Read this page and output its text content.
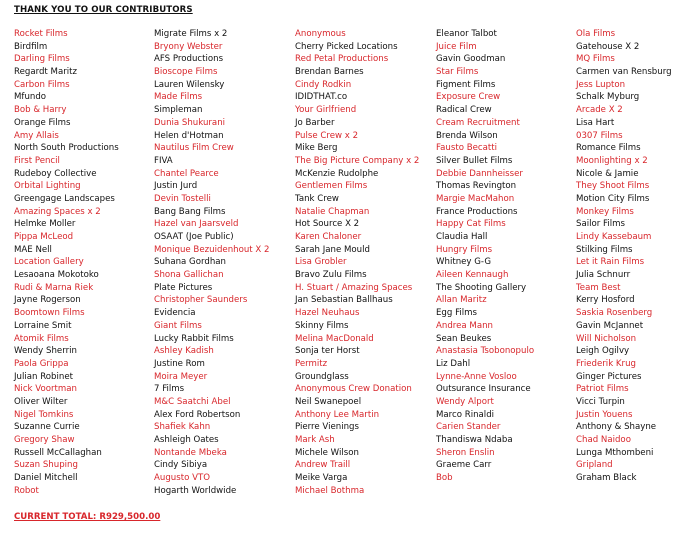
THANK YOU TO OUR CONTRIBUTORS
Rocket Films
Birdfilm
Darling Films
Regardt Maritz
Carbon Films
Mfundo
Bob & Harry
Orange Films
Amy Allais
North South Productions
First Pencil
Rudeboy Collective
Orbital Lighting
Greengage Landscapes
Amazing Spaces x 2
Helmke Moller
Pippa McLeod
MAE Nell
Location Gallery
Lesaoana Mokotoko
Rudi & Marna Riek
Jayne Rogerson
Boomtown Films
Lorraine Smit
Atomik Films
Wendy Sherrin
Paola Grippa
Julian Robinet
Nick Voortman
Oliver Wilter
Nigel Tomkins
Suzanne Currie
Gregory Shaw
Russell McCallaghan
Suzan Shuping
Daniel Mitchell
Robot
Migrate Films x 2
Bryony Webster
AFS Productions
Bioscope Films
Lauren Wilensky
Made Films
Simpleman
Dunia Shukurani
Helen d'Hotman
Nautilus Film Crew
FIVA
Chantel Pearce
Justin Jurd
Devin Tostelli
Bang Bang Films
Hazel van Jaarsveld
OSAAT (Joe Public)
Monique Bezuidenhout X 2
Suhana Gordhan
Shona Gallichan
Plate Pictures
Christopher Saunders
Evidencia
Giant Films
Lucky Rabbit Films
Ashley Kadish
Justine Rom
Moira Meyer
7 Films
M&C Saatchi Abel
Alex Ford Robertson
Shafiek Kahn
Ashleigh Oates
Nontande Mbeka
Cindy Sibiya
Augusto VTO
Hogarth Worldwide
Anonymous
Cherry Picked Locations
Red Petal Productions
Brendan Barnes
Cindy Rodkin
IDIDTHAT.co
Your Girlfriend
Jo Barber
Pulse Crew x 2
Mike Berg
The Big Picture Company x 2
McKenzie Rudolphe
Gentlemen Films
Tank Crew
Natalie Chapman
Hot Source X 2
Karen Chaloner
Sarah Jane Mould
Lisa Grobler
Bravo Zulu Films
H. Stuart / Amazing Spaces
Jan Sebastian Ballhaus
Hazel Neuhaus
Skinny Films
Melina MacDonald
Sonja ter Horst
Permitz
Groundglass
Anonymous Crew Donation
Neil Swanepoel
Anthony Lee Martin
Pierre Vienings
Mark Ash
Michele Wilson
Andrew Traill
Meike Varga
Michael Bothma
Eleanor Talbot
Juice Film
Gavin Goodman
Star Films
Figment Films
Exposure Crew
Radical Crew
Cream Recruitment
Brenda Wilson
Fausto Becatti
Silver Bullet Films
Debbie Dannheisser
Thomas Revington
Margie MacMahon
France Productions
Happy Cat Films
Claudia Hall
Hungry Films
Whitney G-G
Aileen Kennaugh
The Shooting Gallery
Allan Maritz
Egg Films
Andrea Mann
Sean Beukes
Anastasia Tsobonopulo
Liz Dahl
Lynne-Anne Vosloo
Outsurance Insurance
Wendy Alport
Marco Rinaldi
Carien Stander
Thandiswa Ndaba
Sheron Enslin
Graeme Carr
Bob
Ola Films
Gatehouse X 2
MQ Films
Carmen van Rensburg
Jess Lupton
Schalk Myburg
Arcade X 2
Lisa Hart
0307 Films
Romance Films
Moonlighting x 2
Nicole & Jamie
They Shoot Films
Motion City Films
Monkey Films
Sailor Films
Lindy Kassebaum
Stilking Films
Let it Rain Films
Julia Schnurr
Team Best
Kerry Hosford
Saskia Rosenberg
Gavin McJannet
Will Nicholson
Leigh Ogilvy
Friederik Krug
Ginger Pictures
Patriot Films
Vicci Turpin
Justin Youens
Anthony & Shayne
Chad Naidoo
Lunga Mthombeni
Gripland
Graham Black
CURRENT TOTAL: R929,500.00
